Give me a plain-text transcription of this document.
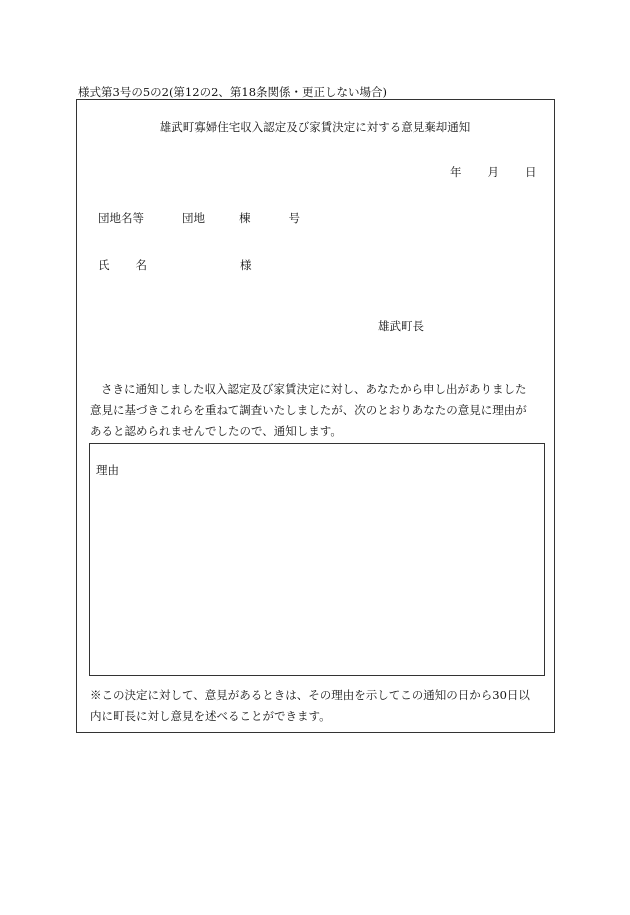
様式第3号の5の2(第12の2、第18条関係・更正しない場合)
雄武町寡婦住宅収入認定及び家賃決定に対する意見棄却通知
年 月 日
団地名等	団地	棟	号
氏 名	様
雄武町長

さきに通知しました収入認定及び家賃決定に対し、あなたから申し出がありました

意見に基づきこれらを重ねて調査いたしましたが、次のとおりあなたの意見に理由が

あると認められませんでしたので、通知します。

理由

※この決定に対して、意見があるときは、その理由を示してこの通知の日から30日以

内に町長に対し意見を述べることができます。
